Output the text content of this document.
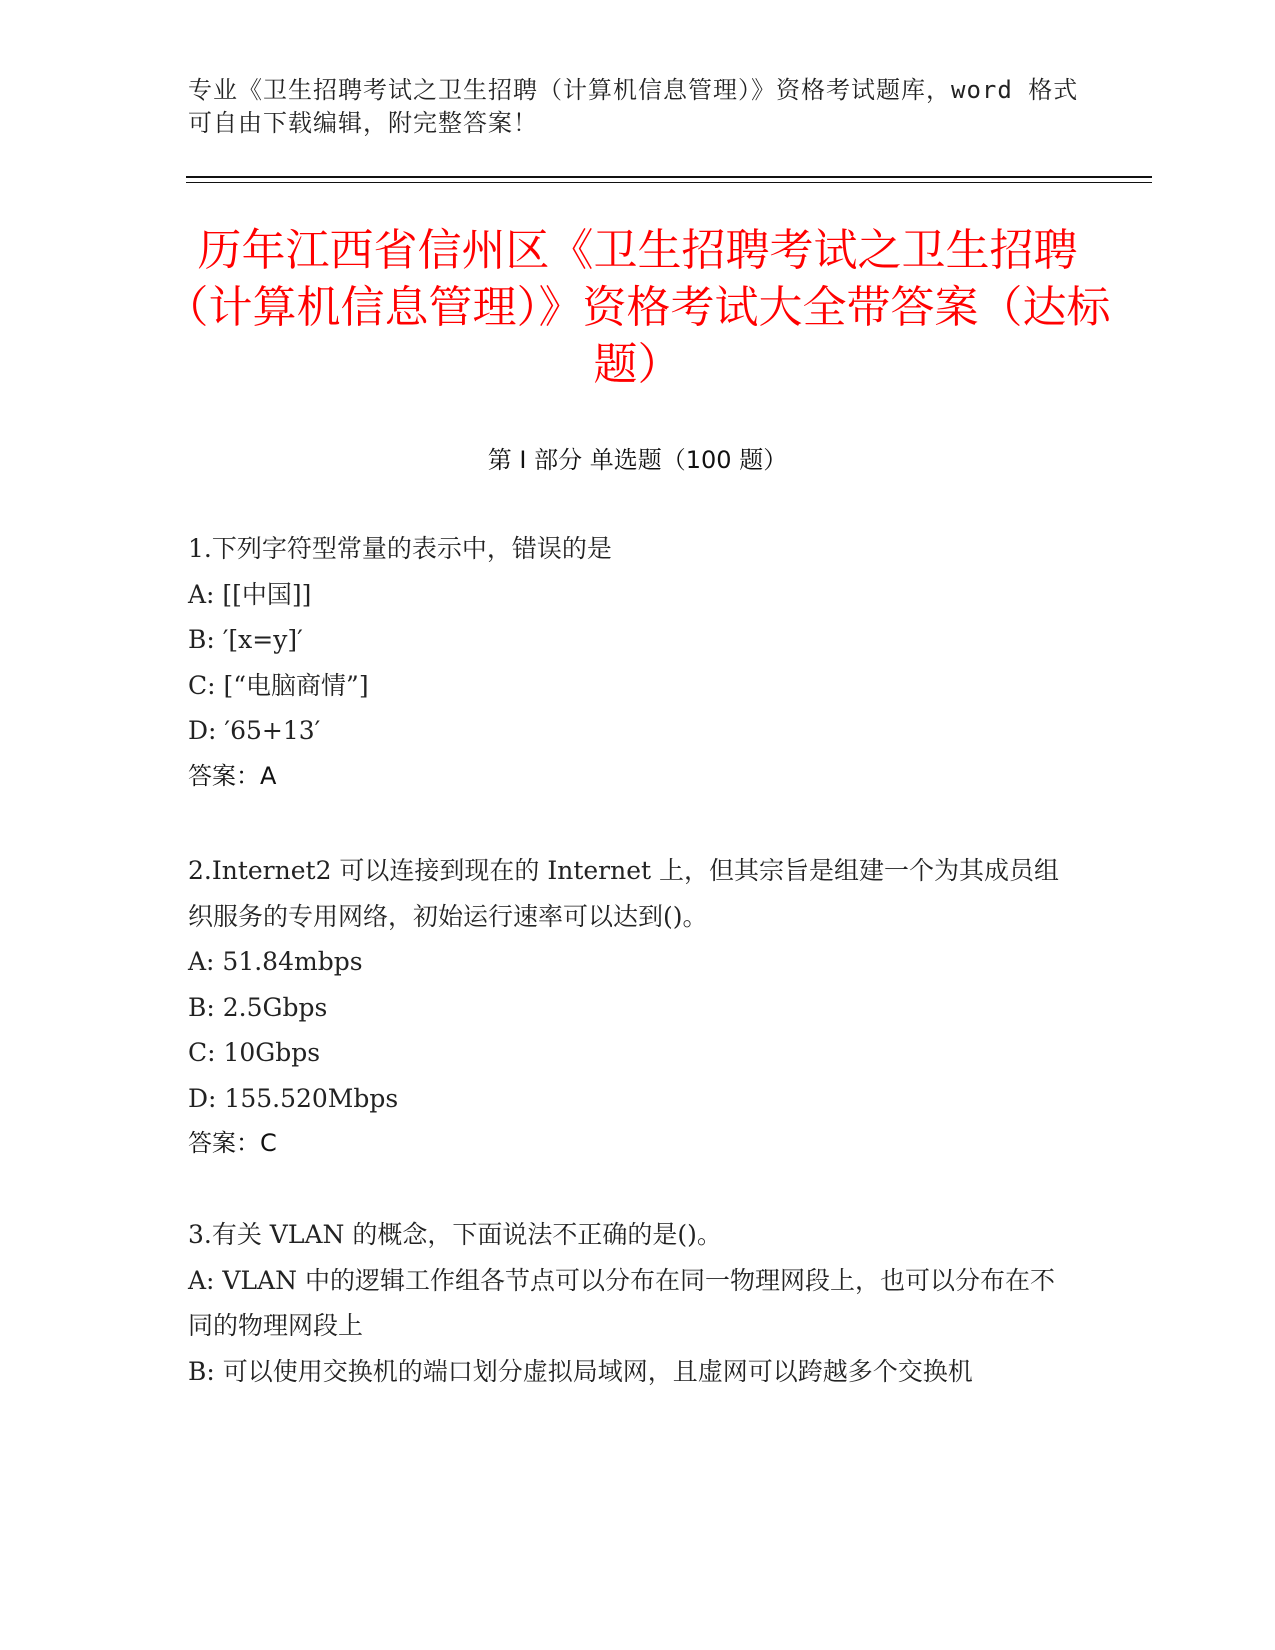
专业《卫生招聘考试之卫生招聘（计算机信息管理）》资格考试题库，word 格式可自由下载编辑，附完整答案！
历年江西省信州区《卫生招聘考试之卫生招聘（计算机信息管理）》资格考试大全带答案（达标题）
第 I 部分 单选题（100 题）
1.下列字符型常量的表示中，错误的是
A: [[中国]]
B: ′[x=y]′
C: [“电脑商情”]
D: ′65+13′
答案：A
2.Internet2 可以连接到现在的 Internet 上，但其宗旨是组建一个为其成员组织服务的专用网络，初始运行速率可以达到()。
A: 51.84mbps
B: 2.5Gbps
C: 10Gbps
D: 155.520Mbps
答案：C
3.有关 VLAN 的概念，下面说法不正确的是()。
A: VLAN 中的逻辑工作组各节点可以分布在同一物理网段上，也可以分布在不同的物理网段上
B: 可以使用交换机的端口划分虚拟局域网，且虚网可以跨越多个交换机
